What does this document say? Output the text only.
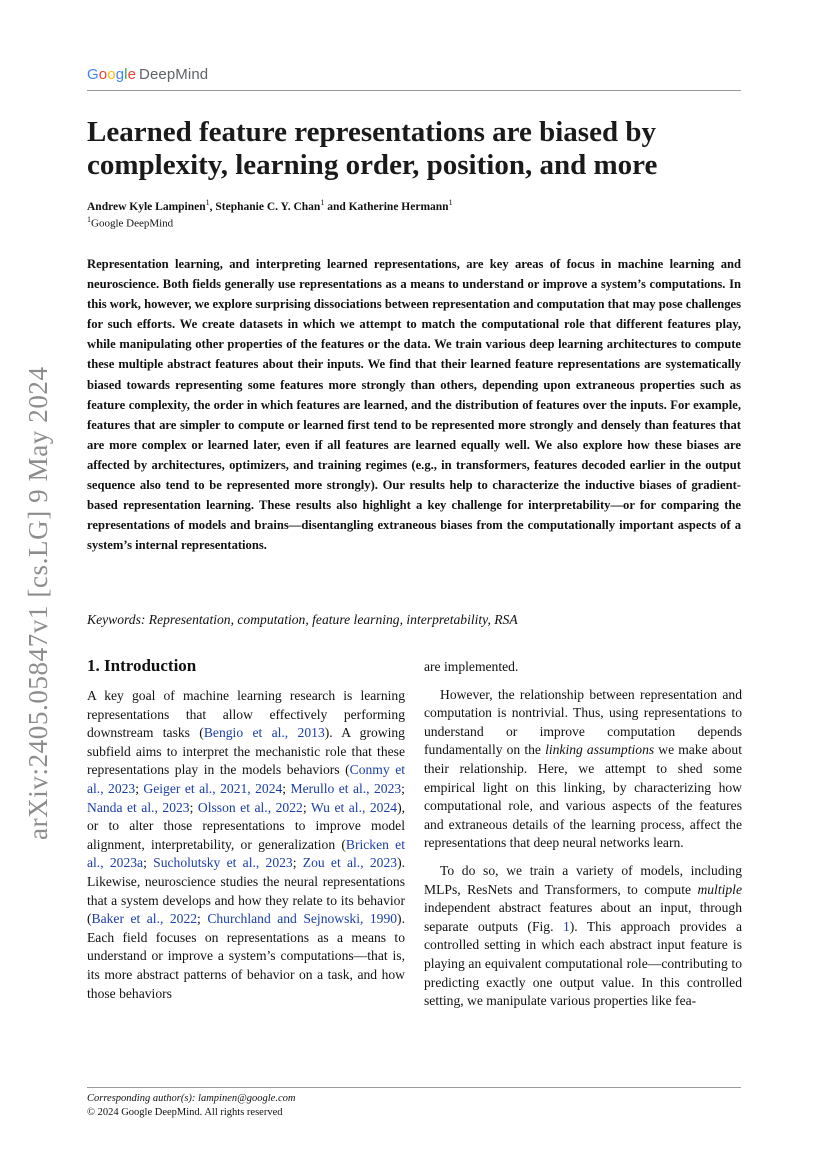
Google DeepMind
Learned feature representations are biased by complexity, learning order, position, and more
Andrew Kyle Lampinen$^1$, Stephanie C. Y. Chan$^1$ and Katherine Hermann$^1$
$^1$Google DeepMind

Representation learning, and interpreting learned representations, are key areas of focus in machine learning and neuroscience. Both fields generally use representations as a means to understand or improve a system’s computations. In this work, however, we explore surprising dissociations between representation and computation that may pose challenges for such efforts. We create datasets in which we attempt to match the computational role that different features play, while manipulating other properties of the features or the data. We train various deep learning architectures to compute these multiple abstract features about their inputs. We find that their learned feature representations are systematically biased towards representing some features more strongly than others, depending upon extraneous properties such as feature complexity, the order in which features are learned, and the distribution of features over the inputs. For example, features that are simpler to compute or learned first tend to be represented more strongly and densely than features that are more complex or learned later, even if all features are learned equally well. We also explore how these biases are affected by architectures, optimizers, and training regimes (e.g., in transformers, features decoded earlier in the output sequence also tend to be represented more strongly). Our results help to characterize the inductive biases of gradient-based representation learning. These results also highlight a key challenge for interpretability—or for comparing the representations of models and brains—disentangling extraneous biases from the computationally important aspects of a system’s internal representations.

Keywords: Representation, computation, feature learning, interpretability, RSA
1. Introduction

A key goal of machine learning research is learning representations that allow effectively performing downstream tasks (Bengio et al., 2013). A growing subfield aims to interpret the mechanistic role that these representations play in the models behaviors (Conmy et al., 2023; Geiger et al., 2021, 2024; Merullo et al., 2023; Nanda et al., 2023; Olsson et al., 2022; Wu et al., 2024), or to alter those representations to improve model alignment, interpretability, or generalization (Bricken et al., 2023a; Sucholutsky et al., 2023; Zou et al., 2023). Likewise, neuroscience studies the neural representations that a system develops and how they relate to its behavior (Baker et al., 2022; Churchland and Sejnowski, 1990). Each field focuses on representations as a means to understand or improve a system’s computations—that is, its more abstract patterns of behavior on a task, and how those behaviors

are implemented.

However, the relationship between representation and computation is nontrivial. Thus, using representations to understand or improve computation depends fundamentally on the linking assumptions we make about their relationship. Here, we attempt to shed some empirical light on this linking, by characterizing how computational role, and various aspects of the features and extraneous details of the learning process, affect the representations that deep neural networks learn.

To do so, we train a variety of models, including MLPs, ResNets and Transformers, to compute multiple independent abstract features about an input, through separate outputs (Fig. 1). This approach provides a controlled setting in which each abstract input feature is playing an equivalent computational role—contributing to predicting exactly one output value. In this controlled setting, we manipulate various properties like fea-

arXiv:2405.05847v1 [cs.LG] 9 May 2024
Corresponding author(s): lampinen@google.com
© 2024 Google DeepMind. All rights reserved
